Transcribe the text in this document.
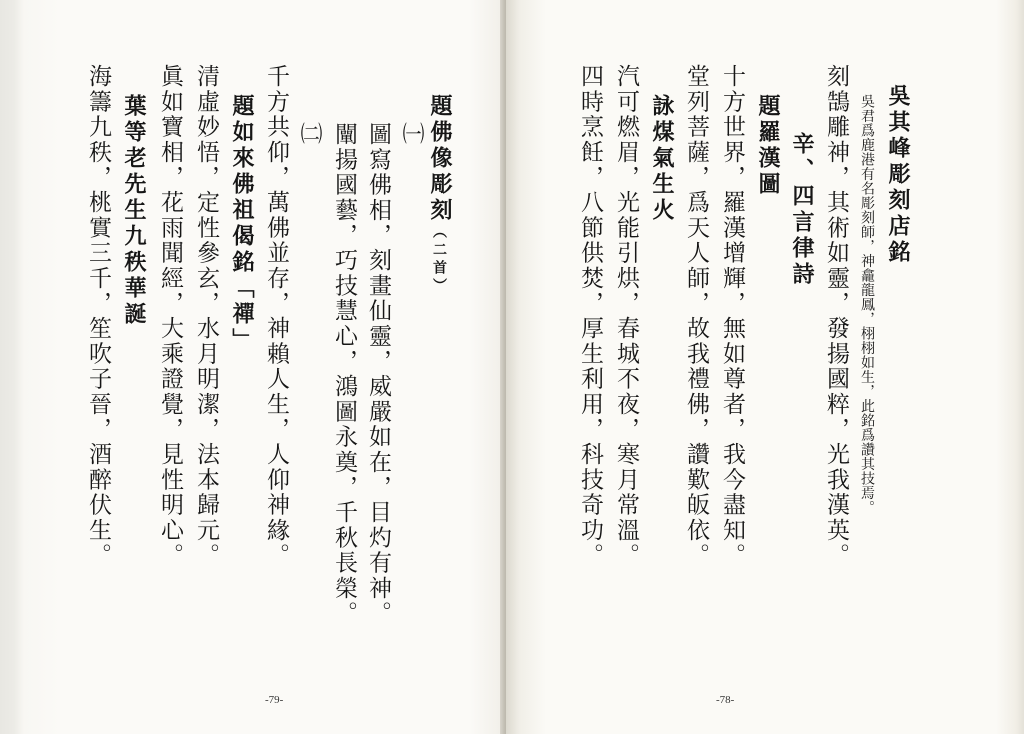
題佛像彫刻（二首）
㈠
圖寫佛相，刻畫仙靈，威嚴如在，目灼有神。
闡揚國藝，巧技慧心，鴻圖永奠，千秋長榮。
㈡
千方共仰，萬佛並存，神賴人生，人仰神緣。
題如來佛祖偈銘「禪」
清虛妙悟，定性參玄，水月明潔，法本歸元。
眞如寶相，花雨聞經，大乘證覺，見性明心。
葉等老先生九秩華誕
海籌九秩，桃實三千，笙吹子晉，酒醉伏生。
-79-
吳其峰彫刻店銘
吳君爲鹿港有名彫刻師，神龕龍鳳，栩栩如生，此銘爲讚其技焉。
刻鵠雕神，其術如靈，發揚國粹，光我漢英。
辛、四言律詩
題羅漢圖
十方世界，羅漢增輝，無如尊者，我今盡知。
堂列菩薩，爲天人師，故我禮佛，讚歎皈依。
詠煤氣生火
汽可燃眉，光能引烘，春城不夜，寒月常溫。
四時烹飪，八節供焚，厚生利用，科技奇功。
-78-
